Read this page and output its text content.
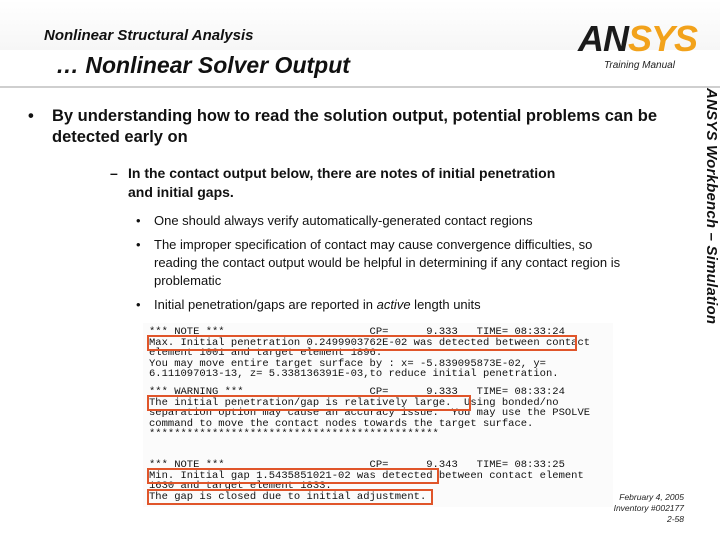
Nonlinear Structural Analysis
… Nonlinear Solver Output
ANSYS
Training Manual
ANSYS Workbench – Simulation
• By understanding how to read the solution output, potential problems can be detected early on
– In the contact output below, there are notes of initial penetration and initial gaps.
• One should always verify automatically-generated contact regions
• The improper specification of contact may cause convergence difficulties, so reading the contact output would be helpful in determining if any contact region is problematic
• Initial penetration/gaps are reported in active length units
*** NOTE ***                       CP=      9.333   TIME= 08:33:24
Max. Initial penetration 0.2499903762E-02 was detected between contact
element 1001 and target element 1896.
You may move entire target surface by : x= -5.839095873E-02, y=
6.111097013-13, z= 5.338136391E-03,to reduce initial penetration.
*** WARNING ***                    CP=      9.333   TIME= 08:33:24
The initial penetration/gap is relatively large.  Using bonded/no
separation option may cause an accuracy issue.  You may use the PSOLVE
command to move the contact nodes towards the target surface.
**********************************************
*** NOTE ***                       CP=      9.343   TIME= 08:33:25
Min. Initial gap 1.5435851021-02 was detected between contact element
1630 and target element 1833.
The gap is closed due to initial adjustment.	February 4, 2005
Inventory #002177
2-58
